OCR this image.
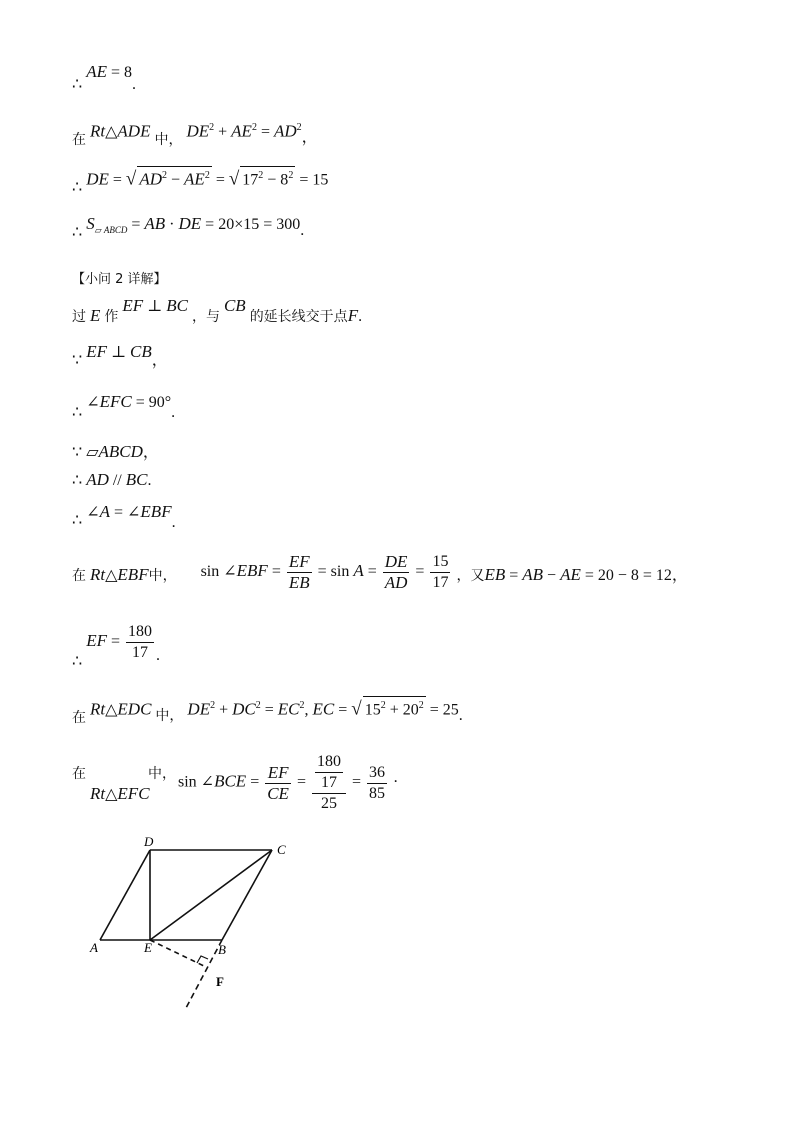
∴ AE = 8.
在 Rt△ADE 中， $DE^2 + AE^2 = AD^2$，
∴ DE = √ $AD^2 - AE^2$ = √ $17^2 - 8^2 = 15$
∴ $S_{▱ ABCD}$ = AB · DE = 20×15 = 300.
【小问 2 详解】
过 E 作 EF ⊥ BC ，与 CB 的延长线交于点F.
∵ EF ⊥ CB，
∴ ∠EFC = 90°.
∵ ▱ABCD，
∴ AD // BC.
∴ ∠A = ∠EBF.
在 Rt△EBF中， sin ∠EBF = $\frac{EF}{EB} = \sin A = \frac{DE}{AD} = \frac{15}{17}$ ，又EB = AB − AE = 20 − 8 = 12，
∴ EF = $\frac{180}{17}$ .
在 Rt△EDC 中， $DE^2 + DC^2 = EC^2$, EC = √ $15^2 + 20^2 = 25$.
在
Rt△EFC
中， sin ∠BCE = $\frac{EF}{CE} = \frac{\frac{180}{17}}{25} = \frac{36}{85}$ ·
A	B
C
D
E
F
